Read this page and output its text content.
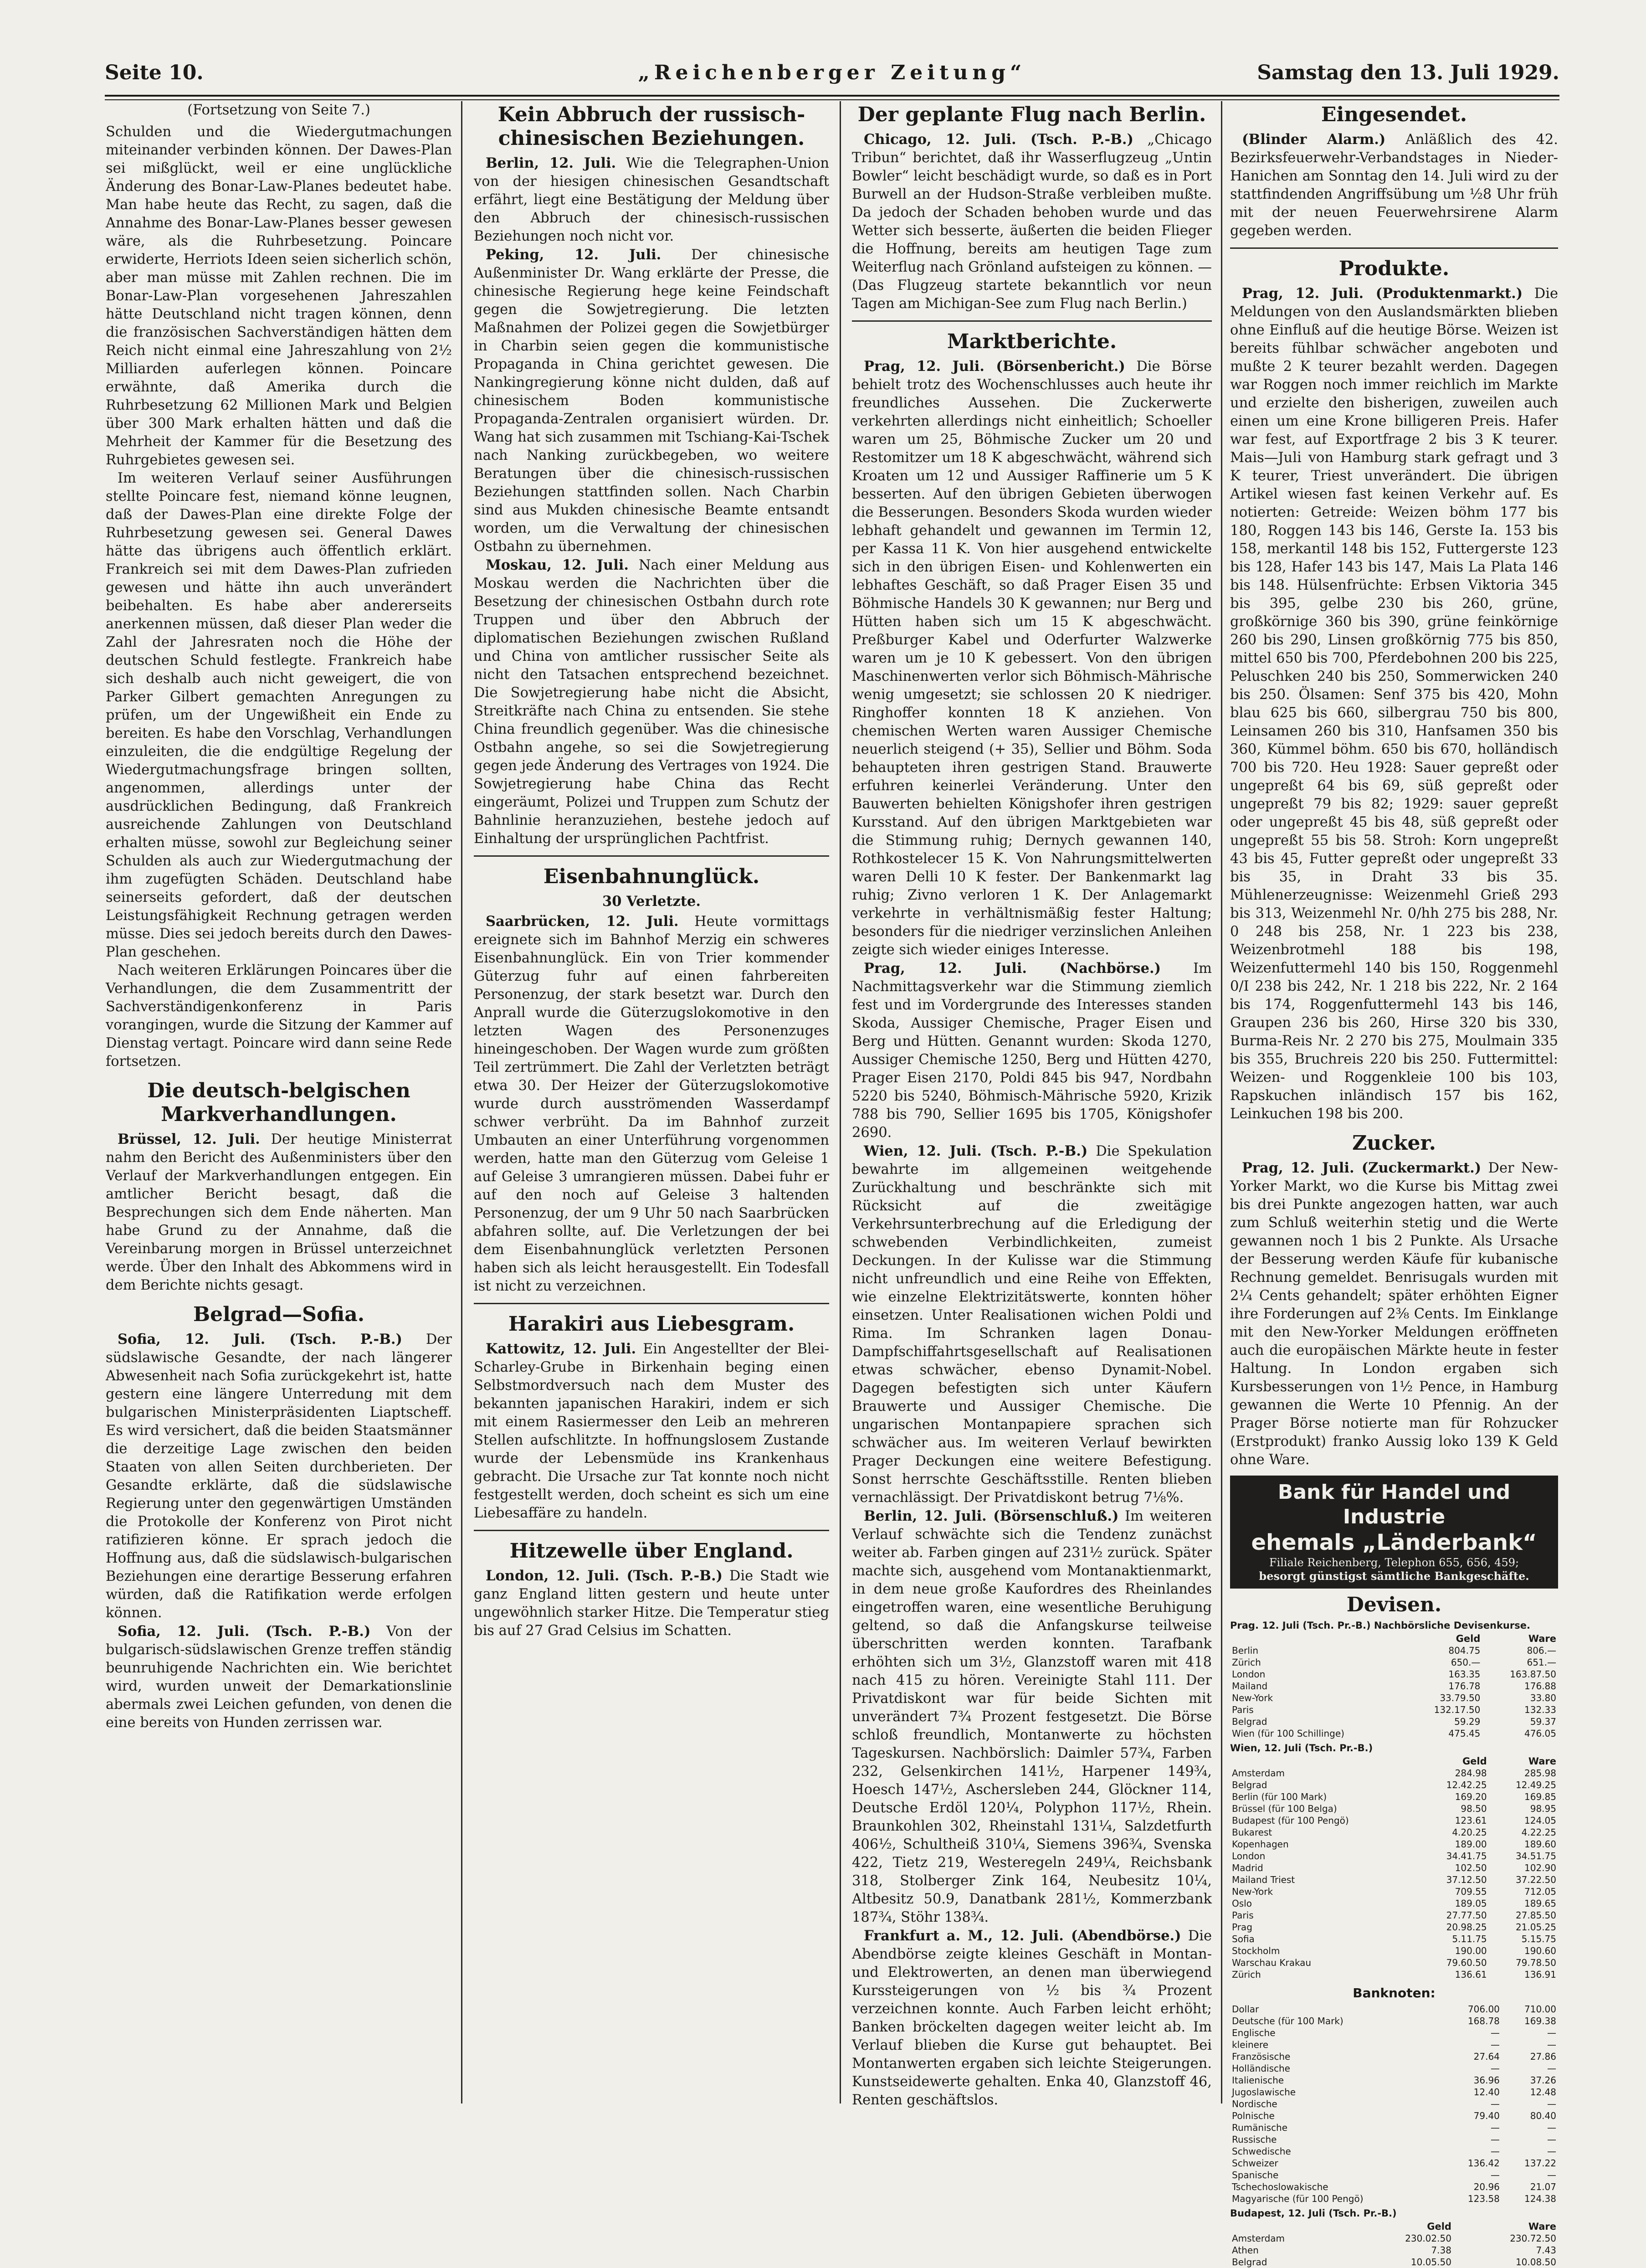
Seite 10.	„Reichenberger Zeitung“	Samstag den 13. Juli 1929.
(Fortsetzung von Seite 7.)

Schulden und die Wiedergutmachungen miteinander verbinden können. Der Dawes-Plan sei mißglückt, weil er eine unglückliche Änderung des Bonar-Law-Planes bedeutet habe. Man habe heute das Recht, zu sagen, daß die Annahme des Bonar-Law-Planes besser gewesen wäre, als die Ruhrbesetzung. Poincare erwiderte, Herriots Ideen seien sicherlich schön, aber man müsse mit Zahlen rechnen. Die im Bonar-Law-Plan vorgesehenen Jahreszahlen hätte Deutschland nicht tragen können, denn die französischen Sachverständigen hätten dem Reich nicht einmal eine Jahreszahlung von 2½ Milliarden auferlegen können. Poincare erwähnte, daß Amerika durch die Ruhrbesetzung 62 Millionen Mark und Belgien über 300 Mark erhalten hätten und daß die Mehrheit der Kammer für die Besetzung des Ruhrgebietes gewesen sei.

Im weiteren Verlauf seiner Ausführungen stellte Poincare fest, niemand könne leugnen, daß der Dawes-Plan eine direkte Folge der Ruhrbesetzung gewesen sei. General Dawes hätte das übrigens auch öffentlich erklärt. Frankreich sei mit dem Dawes-Plan zufrieden gewesen und hätte ihn auch unverändert beibehalten. Es habe aber andererseits anerkennen müssen, daß dieser Plan weder die Zahl der Jahresraten noch die Höhe der deutschen Schuld festlegte. Frankreich habe sich deshalb auch nicht geweigert, die von Parker Gilbert gemachten Anregungen zu prüfen, um der Ungewißheit ein Ende zu bereiten. Es habe den Vorschlag, Verhandlungen einzuleiten, die die endgültige Regelung der Wiedergutmachungsfrage bringen sollten, angenommen, allerdings unter der ausdrücklichen Bedingung, daß Frankreich ausreichende Zahlungen von Deutschland erhalten müsse, sowohl zur Begleichung seiner Schulden als auch zur Wiedergutmachung der ihm zugefügten Schäden. Deutschland habe seinerseits gefordert, daß der deutschen Leistungsfähigkeit Rechnung getragen werden müsse. Dies sei jedoch bereits durch den Dawes-Plan geschehen.

Nach weiteren Erklärungen Poincares über die Verhandlungen, die dem Zusammentritt der Sachverständigenkonferenz in Paris vorangingen, wurde die Sitzung der Kammer auf Dienstag vertagt. Poincare wird dann seine Rede fortsetzen.

Die deutsch-belgischen Markverhandlungen.

Brüssel, 12. Juli. Der heutige Ministerrat nahm den Bericht des Außenministers über den Verlauf der Markverhandlungen entgegen. Ein amtlicher Bericht besagt, daß die Besprechungen sich dem Ende näherten. Man habe Grund zu der Annahme, daß die Vereinbarung morgen in Brüssel unterzeichnet werde. Über den Inhalt des Abkommens wird in dem Berichte nichts gesagt.

Belgrad—Sofia.

Sofia, 12. Juli. (Tsch. P.-B.) Der südslawische Gesandte, der nach längerer Abwesenheit nach Sofia zurückgekehrt ist, hatte gestern eine längere Unterredung mit dem bulgarischen Ministerpräsidenten Liaptscheff. Es wird versichert, daß die beiden Staatsmänner die derzeitige Lage zwischen den beiden Staaten von allen Seiten durchberieten. Der Gesandte erklärte, daß die südslawische Regierung unter den gegenwärtigen Umständen die Protokolle der Konferenz von Pirot nicht ratifizieren könne. Er sprach jedoch die Hoffnung aus, daß die südslawisch-bulgarischen Beziehungen eine derartige Besserung erfahren würden, daß die Ratifikation werde erfolgen können.

Sofia, 12. Juli. (Tsch. P.-B.) Von der bulgarisch-südslawischen Grenze treffen ständig beunruhigende Nachrichten ein. Wie berichtet wird, wurden unweit der Demarkationslinie abermals zwei Leichen gefunden, von denen die eine bereits von Hunden zerrissen war.

Kein Abbruch der russisch-chinesischen Beziehungen.

Berlin, 12. Juli. Wie die Telegraphen-Union von der hiesigen chinesischen Gesandtschaft erfährt, liegt eine Bestätigung der Meldung über den Abbruch der chinesisch-russischen Beziehungen noch nicht vor.

Peking, 12. Juli. Der chinesische Außenminister Dr. Wang erklärte der Presse, die chinesische Regierung hege keine Feindschaft gegen die Sowjetregierung. Die letzten Maßnahmen der Polizei gegen die Sowjetbürger in Charbin seien gegen die kommunistische Propaganda in China gerichtet gewesen. Die Nankingregierung könne nicht dulden, daß auf chinesischem Boden kommunistische Propaganda-Zentralen organisiert würden. Dr. Wang hat sich zusammen mit Tschiang-Kai-Tschek nach Nanking zurückbegeben, wo weitere Beratungen über die chinesisch-russischen Beziehungen stattfinden sollen. Nach Charbin sind aus Mukden chinesische Beamte entsandt worden, um die Verwaltung der chinesischen Ostbahn zu übernehmen.

Moskau, 12. Juli. Nach einer Meldung aus Moskau werden die Nachrichten über die Besetzung der chinesischen Ostbahn durch rote Truppen und über den Abbruch der diplomatischen Beziehungen zwischen Rußland und China von amtlicher russischer Seite als nicht den Tatsachen entsprechend bezeichnet. Die Sowjetregierung habe nicht die Absicht, Streitkräfte nach China zu entsenden. Sie stehe China freundlich gegenüber. Was die chinesische Ostbahn angehe, so sei die Sowjetregierung gegen jede Änderung des Vertrages von 1924. Die Sowjetregierung habe China das Recht eingeräumt, Polizei und Truppen zum Schutz der Bahnlinie heranzuziehen, bestehe jedoch auf Einhaltung der ursprünglichen Pachtfrist.

Eisenbahnunglück.
30 Verletzte.

Saarbrücken, 12. Juli. Heute vormittags ereignete sich im Bahnhof Merzig ein schweres Eisenbahnunglück. Ein von Trier kommender Güterzug fuhr auf einen fahrbereiten Personenzug, der stark besetzt war. Durch den Anprall wurde die Güterzugslokomotive in den letzten Wagen des Personenzuges hineingeschoben. Der Wagen wurde zum größten Teil zertrümmert. Die Zahl der Verletzten beträgt etwa 30. Der Heizer der Güterzugslokomotive wurde durch ausströmenden Wasserdampf schwer verbrüht. Da im Bahnhof zurzeit Umbauten an einer Unterführung vorgenommen werden, hatte man den Güterzug vom Geleise 1 auf Geleise 3 umrangieren müssen. Dabei fuhr er auf den noch auf Geleise 3 haltenden Personenzug, der um 9 Uhr 50 nach Saarbrücken abfahren sollte, auf. Die Verletzungen der bei dem Eisenbahnunglück verletzten Personen haben sich als leicht herausgestellt. Ein Todesfall ist nicht zu verzeichnen.

Harakiri aus Liebesgram.

Kattowitz, 12. Juli. Ein Angestellter der Blei-Scharley-Grube in Birkenhain beging einen Selbstmordversuch nach dem Muster des bekannten japanischen Harakiri, indem er sich mit einem Rasiermesser den Leib an mehreren Stellen aufschlitzte. In hoffnungslosem Zustande wurde der Lebensmüde ins Krankenhaus gebracht. Die Ursache zur Tat konnte noch nicht festgestellt werden, doch scheint es sich um eine Liebesaffäre zu handeln.

Hitzewelle über England.

London, 12. Juli. (Tsch. P.-B.) Die Stadt wie ganz England litten gestern und heute unter ungewöhnlich starker Hitze. Die Temperatur stieg bis auf 27 Grad Celsius im Schatten.

Der geplante Flug nach Berlin.

Chicago, 12. Juli. (Tsch. P.-B.) „Chicago Tribun“ berichtet, daß ihr Wasserflugzeug „Untin Bowler“ leicht beschädigt wurde, so daß es in Port Burwell an der Hudson-Straße verbleiben mußte. Da jedoch der Schaden behoben wurde und das Wetter sich besserte, äußerten die beiden Flieger die Hoffnung, bereits am heutigen Tage zum Weiterflug nach Grönland aufsteigen zu können. — (Das Flugzeug startete bekanntlich vor neun Tagen am Michigan-See zum Flug nach Berlin.)

Marktberichte.

Prag, 12. Juli. (Börsenbericht.) Die Börse behielt trotz des Wochenschlusses auch heute ihr freundliches Aussehen. Die Zuckerwerte verkehrten allerdings nicht einheitlich; Schoeller waren um 25, Böhmische Zucker um 20 und Restomitzer um 18 K abgeschwächt, während sich Kroaten um 12 und Aussiger Raffinerie um 5 K besserten. Auf den übrigen Gebieten überwogen die Besserungen. Besonders Skoda wurden wieder lebhaft gehandelt und gewannen im Termin 12, per Kassa 11 K. Von hier ausgehend entwickelte sich in den übrigen Eisen- und Kohlenwerten ein lebhaftes Geschäft, so daß Prager Eisen 35 und Böhmische Handels 30 K gewannen; nur Berg und Hütten haben sich um 15 K abgeschwächt. Preßburger Kabel und Oderfurter Walzwerke waren um je 10 K gebessert. Von den übrigen Maschinenwerten verlor sich Böhmisch-Mährische wenig umgesetzt; sie schlossen 20 K niedriger. Ringhoffer konnten 18 K anziehen. Von chemischen Werten waren Aussiger Chemische neuerlich steigend (+ 35), Sellier und Böhm. Soda behaupteten ihren gestrigen Stand. Brauwerte erfuhren keinerlei Veränderung. Unter den Bauwerten behielten Königshofer ihren gestrigen Kursstand. Auf den übrigen Marktgebieten war die Stimmung ruhig; Dernych gewannen 140, Rothkostelecer 15 K. Von Nahrungsmittelwerten waren Delli 10 K fester. Der Bankenmarkt lag ruhig; Zivno verloren 1 K. Der Anlagemarkt verkehrte in verhältnismäßig fester Haltung; besonders für die niedriger verzinslichen Anleihen zeigte sich wieder einiges Interesse.

Prag, 12. Juli. (Nachbörse.) Im Nachmittagsverkehr war die Stimmung ziemlich fest und im Vordergrunde des Interesses standen Skoda, Aussiger Chemische, Prager Eisen und Berg und Hütten. Genannt wurden: Skoda 1270, Aussiger Chemische 1250, Berg und Hütten 4270, Prager Eisen 2170, Poldi 845 bis 947, Nordbahn 5220 bis 5240, Böhmisch-Mährische 5920, Krizik 788 bis 790, Sellier 1695 bis 1705, Königshofer 2690.

Wien, 12. Juli. (Tsch. P.-B.) Die Spekulation bewahrte im allgemeinen weitgehende Zurückhaltung und beschränkte sich mit Rücksicht auf die zweitägige Verkehrsunterbrechung auf die Erledigung der schwebenden Verbindlichkeiten, zumeist Deckungen. In der Kulisse war die Stimmung nicht unfreundlich und eine Reihe von Effekten, wie einzelne Elektrizitätswerte, konnten höher einsetzen. Unter Realisationen wichen Poldi und Rima. Im Schranken lagen Donau-Dampfschiffahrtsgesellschaft auf Realisationen etwas schwächer, ebenso Dynamit-Nobel. Dagegen befestigten sich unter Käufern Brauwerte und Aussiger Chemische. Die ungarischen Montanpapiere sprachen sich schwächer aus. Im weiteren Verlauf bewirkten Prager Deckungen eine weitere Befestigung. Sonst herrschte Geschäftsstille. Renten blieben vernachlässigt. Der Privatdiskont betrug 7⅛%.

Berlin, 12. Juli. (Börsenschluß.) Im weiteren Verlauf schwächte sich die Tendenz zunächst weiter ab. Farben gingen auf 231½ zurück. Später machte sich, ausgehend vom Montanaktienmarkt, in dem neue große Kaufordres des Rheinlandes eingetroffen waren, eine wesentliche Beruhigung geltend, so daß die Anfangskurse teilweise überschritten werden konnten. Tarafbank erhöhten sich um 3½, Glanzstoff waren mit 418 nach 415 zu hören. Vereinigte Stahl 111. Der Privatdiskont war für beide Sichten mit unverändert 7¾ Prozent festgesetzt. Die Börse schloß freundlich, Montanwerte zu höchsten Tageskursen. Nachbörslich: Daimler 57¾, Farben 232, Gelsenkirchen 141½, Harpener 149¾, Hoesch 147½, Aschersleben 244, Glöckner 114, Deutsche Erdöl 120¼, Polyphon 117½, Rhein. Braunkohlen 302, Rheinstahl 131¼, Salzdetfurth 406½, Schultheiß 310¼, Siemens 396¾, Svenska 422, Tietz 219, Westeregeln 249¼, Reichsbank 318, Stolberger Zink 164, Neubesitz 10¼, Altbesitz 50.9, Danatbank 281½, Kommerzbank 187¾, Stöhr 138¾.

Frankfurt a. M., 12. Juli. (Abendbörse.) Die Abendbörse zeigte kleines Geschäft in Montan- und Elektrowerten, an denen man überwiegend Kurssteigerungen von ½ bis ¾ Prozent verzeichnen konnte. Auch Farben leicht erhöht; Banken bröckelten dagegen weiter leicht ab. Im Verlauf blieben die Kurse gut behauptet. Bei Montanwerten ergaben sich leichte Steigerungen. Kunstseidewerte gehalten. Enka 40, Glanzstoff 46, Renten geschäftslos.

Eingesendet.

(Blinder Alarm.) Anläßlich des 42. Bezirksfeuerwehr-Verbandstages in Nieder-Hanichen am Sonntag den 14. Juli wird zu der stattfindenden Angriffsübung um ½8 Uhr früh mit der neuen Feuerwehrsirene Alarm gegeben werden.

Produkte.

Prag, 12. Juli. (Produktenmarkt.) Die Meldungen von den Auslandsmärkten blieben ohne Einfluß auf die heutige Börse. Weizen ist bereits fühlbar schwächer angeboten und mußte 2 K teurer bezahlt werden. Dagegen war Roggen noch immer reichlich im Markte und erzielte den bisherigen, zuweilen auch einen um eine Krone billigeren Preis. Hafer war fest, auf Exportfrage 2 bis 3 K teurer. Mais—Juli von Hamburg stark gefragt und 3 K teurer, Triest unverändert. Die übrigen Artikel wiesen fast keinen Verkehr auf. Es notierten: Getreide: Weizen böhm 177 bis 180, Roggen 143 bis 146, Gerste Ia. 153 bis 158, merkantil 148 bis 152, Futtergerste 123 bis 128, Hafer 143 bis 147, Mais La Plata 146 bis 148. Hülsenfrüchte: Erbsen Viktoria 345 bis 395, gelbe 230 bis 260, grüne, großkörnige 360 bis 390, grüne feinkörnige 260 bis 290, Linsen großkörnig 775 bis 850, mittel 650 bis 700, Pferdebohnen 200 bis 225, Peluschken 240 bis 250, Sommerwicken 240 bis 250. Ölsamen: Senf 375 bis 420, Mohn blau 625 bis 660, silbergrau 750 bis 800, Leinsamen 260 bis 310, Hanfsamen 350 bis 360, Kümmel böhm. 650 bis 670, holländisch 700 bis 720. Heu 1928: Sauer gepreßt oder ungepreßt 64 bis 69, süß gepreßt oder ungepreßt 79 bis 82; 1929: sauer gepreßt oder ungepreßt 45 bis 48, süß gepreßt oder ungepreßt 55 bis 58. Stroh: Korn ungepreßt 43 bis 45, Futter gepreßt oder ungepreßt 33 bis 35, in Draht 33 bis 35. Mühlenerzeugnisse: Weizenmehl Grieß 293 bis 313, Weizenmehl Nr. 0/hh 275 bis 288, Nr. 0 248 bis 258, Nr. 1 223 bis 238, Weizenbrotmehl 188 bis 198, Weizenfuttermehl 140 bis 150, Roggenmehl 0/I 238 bis 242, Nr. 1 218 bis 222, Nr. 2 164 bis 174, Roggenfuttermehl 143 bis 146, Graupen 236 bis 260, Hirse 320 bis 330, Burma-Reis Nr. 2 270 bis 275, Moulmain 335 bis 355, Bruchreis 220 bis 250. Futtermittel: Weizen- und Roggenkleie 100 bis 103, Rapskuchen inländisch 157 bis 162, Leinkuchen 198 bis 200.

Zucker.

Prag, 12. Juli. (Zuckermarkt.) Der New-Yorker Markt, wo die Kurse bis Mittag zwei bis drei Punkte angezogen hatten, war auch zum Schluß weiterhin stetig und die Werte gewannen noch 1 bis 2 Punkte. Als Ursache der Besserung werden Käufe für kubanische Rechnung gemeldet. Benrisugals wurden mit 2¼ Cents gehandelt; später erhöhten Eigner ihre Forderungen auf 2⅜ Cents. Im Einklange mit den New-Yorker Meldungen eröffneten auch die europäischen Märkte heute in fester Haltung. In London ergaben sich Kursbesserungen von 1½ Pence, in Hamburg gewannen die Werte 10 Pfennig. An der Prager Börse notierte man für Rohzucker (Erstprodukt) franko Aussig loko 139 K Geld ohne Ware.

Bank für Handel und Industrie
ehemals „Länderbank“
Filiale Reichenberg, Telephon 655, 656, 459;
besorgt günstigst sämtliche Bankgeschäfte.
Devisen.
Prag. 12. Juli (Tsch. Pr.-B.) Nachbörsliche Devisenkurse.
	Geld	Ware
Berlin	804.75	806.—
Zürich	650.—	651.—
London	163.35	163.87.50
Mailand	176.78	176.88
New-York	33.79.50	33.80
Paris	132.17.50	132.33
Belgrad	59.29	59.37
Wien (für 100 Schillinge)	475.45	476.05
Wien, 12. Juli (Tsch. Pr.-B.)
	Geld	Ware
Amsterdam	284.98	285.98
Belgrad	12.42.25	12.49.25
Berlin (für 100 Mark)	169.20	169.85
Brüssel (für 100 Belga)	98.50	98.95
Budapest (für 100 Pengö)	123.61	124.05
Bukarest	4.20.25	4.22.25
Kopenhagen	189.00	189.60
London	34.41.75	34.51.75
Madrid	102.50	102.90
Mailand Triest	37.12.50	37.22.50
New-York	709.55	712.05
Oslo	189.05	189.65
Paris	27.77.50	27.85.50
Prag	20.98.25	21.05.25
Sofia	5.11.75	5.15.75
Stockholm	190.00	190.60
Warschau Krakau	79.60.50	79.78.50
Zürich	136.61	136.91
Banknoten:
Dollar	706.00	710.00
Deutsche (für 100 Mark)	168.78	169.38
Englische	—	—
kleinere	—	—
Französische	27.64	27.86
Holländische	—	—
Italienische	36.96	37.26
Jugoslawische	12.40	12.48
Nordische	—	—
Polnische	79.40	80.40
Rumänische	—	—
Russische	—	—
Schwedische	—	—
Schweizer	136.42	137.22
Spanische	—	—
Tschechoslowakische	20.96	21.07
Magyarische (für 100 Pengö)	123.58	124.38
Budapest, 12. Juli (Tsch. Pr.-B.)
	Geld	Ware
Amsterdam	230.02.50	230.72.50
Athen	7.38	7.43
Belgrad	10.05.50	10.08.50
